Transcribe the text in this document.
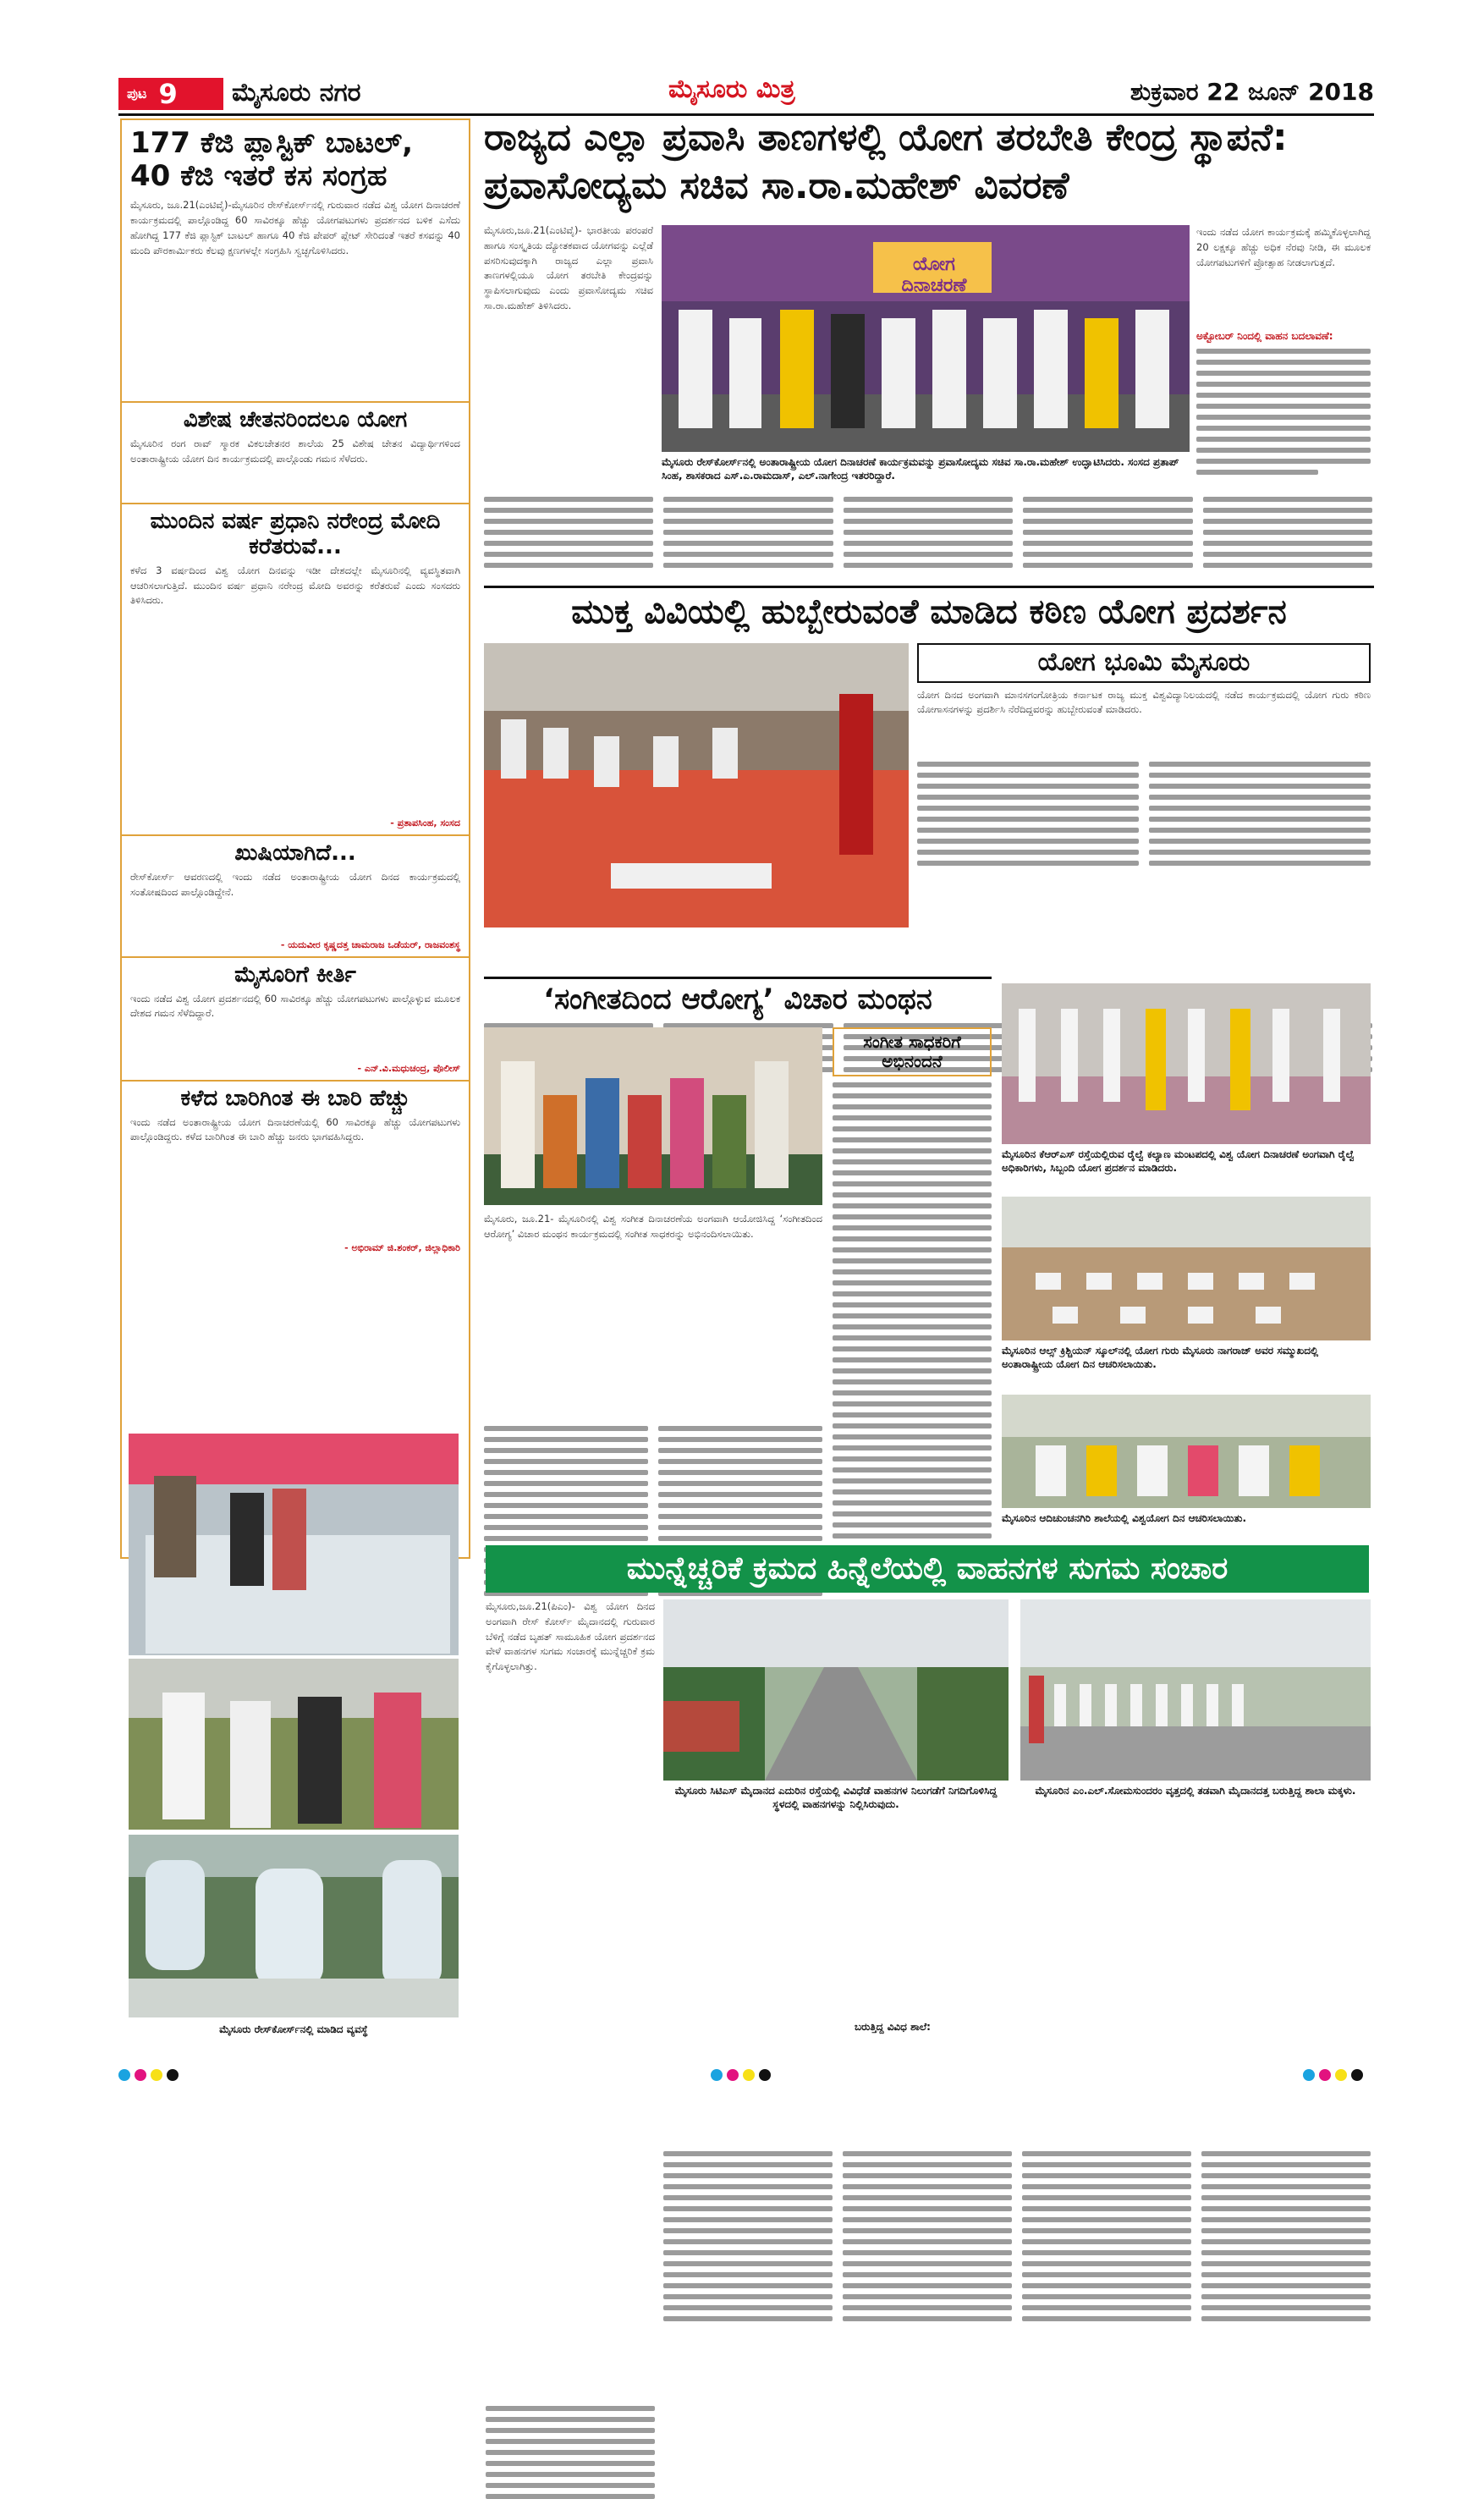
ಪುಟ 9 ಮೈಸೂರು ನಗರ	ಮೈಸೂರು ಮಿತ್ರ	ಶುಕ್ರವಾರ 22 ಜೂನ್ 2018
177 ಕೆಜಿ ಪ್ಲಾಸ್ಟಿಕ್ ಬಾಟಲ್, 40 ಕೆಜಿ ಇತರೆ ಕಸ ಸಂಗ್ರಹ
ಮೈಸೂರು, ಜೂ.21(ಎಂಟಿವೈ)-ಮೈಸೂರಿನ ರೇಸ್‌ಕೋರ್ಸ್‌ನಲ್ಲಿ ಗುರುವಾರ ನಡೆದ ವಿಶ್ವ ಯೋಗ ದಿನಾಚರಣೆ ಕಾರ್ಯಕ್ರಮದಲ್ಲಿ ಪಾಲ್ಗೊಂಡಿದ್ದ 60 ಸಾವಿರಕ್ಕೂ ಹೆಚ್ಚು ಯೋಗಪಟುಗಳು ಪ್ರದರ್ಶನದ ಬಳಿಕ ಎಸೆದು ಹೋಗಿದ್ದ 177 ಕೆಜಿ ಪ್ಲಾಸ್ಟಿಕ್ ಬಾಟಲ್ ಹಾಗೂ 40 ಕೆಜಿ ಪೇಪರ್ ಪ್ಲೇಟ್ ಸೇರಿದಂತೆ ಇತರೆ ಕಸವನ್ನು 40 ಮಂದಿ ಪೌರಕಾರ್ಮಿಕರು ಕೆಲವು ಕ್ಷಣಗಳಲ್ಲೇ ಸಂಗ್ರಹಿಸಿ ಸ್ವಚ್ಛಗೊಳಿಸಿದರು.
ವಿಶೇಷ ಚೇತನರಿಂದಲೂ ಯೋಗ
ಮೈಸೂರಿನ ರಂಗ ರಾವ್ ಸ್ಮಾರಕ ವಿಕಲಚೇತನರ ಶಾಲೆಯ 25 ವಿಶೇಷ ಚೇತನ ವಿದ್ಯಾರ್ಥಿಗಳಿಂದ ಅಂತಾರಾಷ್ಟ್ರೀಯ ಯೋಗ ದಿನ ಕಾರ್ಯಕ್ರಮದಲ್ಲಿ ಪಾಲ್ಗೊಂಡು ಗಮನ ಸೆಳೆದರು.
ಮುಂದಿನ ವರ್ಷ ಪ್ರಧಾನಿ ನರೇಂದ್ರ ಮೋದಿ ಕರೆತರುವೆ...
ಕಳೆದ 3 ವರ್ಷದಿಂದ ವಿಶ್ವ ಯೋಗ ದಿನವನ್ನು ಇಡೀ ದೇಶದಲ್ಲೇ ಮೈಸೂರಿನಲ್ಲಿ ವ್ಯವಸ್ಥಿತವಾಗಿ ಆಚರಿಸಲಾಗುತ್ತಿದೆ. ಮುಂದಿನ ವರ್ಷ ಪ್ರಧಾನಿ ನರೇಂದ್ರ ಮೋದಿ ಅವರನ್ನು ಕರೆತರುವೆ ಎಂದು ಸಂಸದರು ತಿಳಿಸಿದರು.
- ಪ್ರತಾಪಸಿಂಹ, ಸಂಸದ
ಖುಷಿಯಾಗಿದೆ...
ರೇಸ್‌ಕೋರ್ಸ್ ಆವರಣದಲ್ಲಿ ಇಂದು ನಡೆದ ಅಂತಾರಾಷ್ಟ್ರೀಯ ಯೋಗ ದಿನದ ಕಾರ್ಯಕ್ರಮದಲ್ಲಿ ಸಂತೋಷದಿಂದ ಪಾಲ್ಗೊಂಡಿದ್ದೇನೆ.
- ಯದುವೀರ ಕೃಷ್ಣದತ್ತ ಚಾಮರಾಜ ಒಡೆಯರ್, ರಾಜವಂಶಸ್ಥ
ಮೈಸೂರಿಗೆ ಕೀರ್ತಿ
ಇಂದು ನಡೆದ ವಿಶ್ವ ಯೋಗ ಪ್ರದರ್ಶನದಲ್ಲಿ 60 ಸಾವಿರಕ್ಕೂ ಹೆಚ್ಚು ಯೋಗಪಟುಗಳು ಪಾಲ್ಗೊಳ್ಳುವ ಮೂಲಕ ದೇಶದ ಗಮನ ಸೆಳೆದಿದ್ದಾರೆ.
- ಎನ್.ವಿ.ಮಧುಚಂದ್ರ, ಪೊಲೀಸ್
ಕಳೆದ ಬಾರಿಗಿಂತ ಈ ಬಾರಿ ಹೆಚ್ಚು
ಇಂದು ನಡೆದ ಅಂತಾರಾಷ್ಟ್ರೀಯ ಯೋಗ ದಿನಾಚರಣೆಯಲ್ಲಿ 60 ಸಾವಿರಕ್ಕೂ ಹೆಚ್ಚು ಯೋಗಪಟುಗಳು ಪಾಲ್ಗೊಂಡಿದ್ದರು. ಕಳೆದ ಬಾರಿಗಿಂತ ಈ ಬಾರಿ ಹೆಚ್ಚು ಜನರು ಭಾಗವಹಿಸಿದ್ದರು.
- ಅಭಿರಾಮ್ ಜಿ.ಶಂಕರ್, ಜಿಲ್ಲಾಧಿಕಾರಿ
ಮೈಸೂರು ರೇಸ್‌ಕೋರ್ಸ್‌ನಲ್ಲಿ ಮಾಡಿದ ವ್ಯವಸ್ಥೆ
ರಾಜ್ಯದ ಎಲ್ಲಾ ಪ್ರವಾಸಿ ತಾಣಗಳಲ್ಲಿ ಯೋಗ ತರಬೇತಿ ಕೇಂದ್ರ ಸ್ಥಾಪನೆ: ಪ್ರವಾಸೋದ್ಯಮ ಸಚಿವ ಸಾ.ರಾ.ಮಹೇಶ್ ವಿವರಣೆ
ಮೈಸೂರು,ಜೂ.21(ಎಂಟಿವೈ)- ಭಾರತೀಯ ಪರಂಪರೆ ಹಾಗೂ ಸಂಸ್ಕೃತಿಯ ದ್ಯೋತಕವಾದ ಯೋಗವನ್ನು ಎಲ್ಲೆಡೆ ಪಸರಿಸುವುದಕ್ಕಾಗಿ ರಾಜ್ಯದ ಎಲ್ಲಾ ಪ್ರವಾಸಿ ತಾಣಗಳಲ್ಲಿಯೂ ಯೋಗ ತರಬೇತಿ ಕೇಂದ್ರವನ್ನು ಸ್ಥಾಪಿಸಲಾಗುವುದು ಎಂದು ಪ್ರವಾಸೋದ್ಯಮ ಸಚಿವ ಸಾ.ರಾ.ಮಹೇಶ್ ತಿಳಿಸಿದರು.
ಯೋಗ ದಿನಾಚರಣೆ
ಮೈಸೂರು ರೇಸ್‌ಕೋರ್ಸ್‌ನಲ್ಲಿ ಅಂತಾರಾಷ್ಟ್ರೀಯ ಯೋಗ ದಿನಾಚರಣೆ ಕಾರ್ಯಕ್ರಮವನ್ನು ಪ್ರವಾಸೋದ್ಯಮ ಸಚಿವ ಸಾ.ರಾ.ಮಹೇಶ್ ಉದ್ಘಾಟಿಸಿದರು. ಸಂಸದ ಪ್ರತಾಪ್ ಸಿಂಹ, ಶಾಸಕರಾದ ಎಸ್.ಎ.ರಾಮದಾಸ್, ಎಲ್.ನಾಗೇಂದ್ರ ಇತರರಿದ್ದಾರೆ.
ಇಂದು ನಡೆದ ಯೋಗ ಕಾರ್ಯಕ್ರಮಕ್ಕೆ ಹಮ್ಮಿಕೊಳ್ಳಲಾಗಿದ್ದ 20 ಲಕ್ಷಕ್ಕೂ ಹೆಚ್ಚು ಅಧಿಕ ನೆರವು ನೀಡಿ, ಈ ಮೂಲಕ ಯೋಗಪಟುಗಳಿಗೆ ಪ್ರೋತ್ಸಾಹ ನೀಡಲಾಗುತ್ತದೆ.
ಅಕ್ಟೋಬರ್ ನಿಂದಲ್ಲಿ ವಾಹನ ಬದಲಾವಣೆ:
ಮುಕ್ತ ವಿವಿಯಲ್ಲಿ ಹುಬ್ಬೇರುವಂತೆ ಮಾಡಿದ ಕಠಿಣ ಯೋಗ ಪ್ರದರ್ಶನ
ಯೋಗ ಭೂಮಿ ಮೈಸೂರು
ಯೋಗ ದಿನದ ಅಂಗವಾಗಿ ಮಾನಸಗಂಗೋತ್ರಿಯ ಕರ್ನಾಟಕ ರಾಜ್ಯ ಮುಕ್ತ ವಿಶ್ವವಿದ್ಯಾನಿಲಯದಲ್ಲಿ ನಡೆದ ಕಾರ್ಯಕ್ರಮದಲ್ಲಿ ಯೋಗ ಗುರು ಕಠಿಣ ಯೋಗಾಸನಗಳನ್ನು ಪ್ರದರ್ಶಿಸಿ ನೆರೆದಿದ್ದವರನ್ನು ಹುಬ್ಬೇರುವಂತೆ ಮಾಡಿದರು.
‘ಸಂಗೀತದಿಂದ ಆರೋಗ್ಯ’ ವಿಚಾರ ಮಂಥನ
ಸಂಗೀತ ಸಾಧಕರಿಗೆ ಅಭಿನಂದನೆ
ಮೈಸೂರು, ಜೂ.21- ಮೈಸೂರಿನಲ್ಲಿ ವಿಶ್ವ ಸಂಗೀತ ದಿನಾಚರಣೆಯ ಅಂಗವಾಗಿ ಆಯೋಜಿಸಿದ್ದ ‘ಸಂಗೀತದಿಂದ ಆರೋಗ್ಯ’ ವಿಚಾರ ಮಂಥನ ಕಾರ್ಯಕ್ರಮದಲ್ಲಿ ಸಂಗೀತ ಸಾಧಕರನ್ನು ಅಭಿನಂದಿಸಲಾಯಿತು.
ಮೈಸೂರಿನ ಕೆಆರ್‌ಎಸ್ ರಸ್ತೆಯಲ್ಲಿರುವ ರೈಲ್ವೆ ಕಲ್ಯಾಣ ಮಂಟಪದಲ್ಲಿ ವಿಶ್ವ ಯೋಗ ದಿನಾಚರಣೆ ಅಂಗವಾಗಿ ರೈಲ್ವೆ ಅಧಿಕಾರಿಗಳು, ಸಿಬ್ಬಂದಿ ಯೋಗ ಪ್ರದರ್ಶನ ಮಾಡಿದರು.
ಮೈಸೂರಿನ ಆಲ್ಸ್ ಕ್ರಿಶ್ಚಿಯನ್ ಸ್ಕೂಲ್‌ನಲ್ಲಿ ಯೋಗ ಗುರು ಮೈಸೂರು ನಾಗರಾಜ್ ಅವರ ಸಮ್ಮುಖದಲ್ಲಿ ಅಂತಾರಾಷ್ಟ್ರೀಯ ಯೋಗ ದಿನ ಆಚರಿಸಲಾಯಿತು.
ಮೈಸೂರಿನ ಆದಿಚುಂಚನಗಿರಿ ಶಾಲೆಯಲ್ಲಿ ವಿಶ್ವಯೋಗ ದಿನ ಆಚರಿಸಲಾಯಿತು.
ಮುನ್ನೆಚ್ಚರಿಕೆ ಕ್ರಮದ ಹಿನ್ನೆಲೆಯಲ್ಲಿ ವಾಹನಗಳ ಸುಗಮ ಸಂಚಾರ
ಮೈಸೂರು,ಜೂ.21(ಪಿಎಂ)- ವಿಶ್ವ ಯೋಗ ದಿನದ ಅಂಗವಾಗಿ ರೇಸ್ ಕೋರ್ಸ್ ಮೈದಾನದಲ್ಲಿ ಗುರುವಾರ ಬೆಳಿಗ್ಗೆ ನಡೆದ ಬೃಹತ್ ಸಾಮೂಹಿಕ ಯೋಗ ಪ್ರದರ್ಶನದ ವೇಳೆ ವಾಹನಗಳ ಸುಗಮ ಸಂಚಾರಕ್ಕೆ ಮುನ್ನೆಚ್ಚರಿಕೆ ಕ್ರಮ ಕೈಗೊಳ್ಳಲಾಗಿತ್ತು.
ಮೈಸೂರು ಸಿಟಿಎಸ್ ಮೈದಾನದ ಎದುರಿನ ರಸ್ತೆಯಲ್ಲಿ ವಿವಿಧೆಡೆ ವಾಹನಗಳ ನಿಲುಗಡೆಗೆ ನಿಗದಿಗೊಳಿಸಿದ್ದ ಸ್ಥಳದಲ್ಲಿ ವಾಹನಗಳನ್ನು ನಿಲ್ಲಿಸಿರುವುದು.
ಮೈಸೂರಿನ ಎಂ.ಎಲ್.ಸೋಮಸುಂದರಂ ವೃತ್ತದಲ್ಲಿ ತಡವಾಗಿ ಮೈದಾನದತ್ತ ಬರುತ್ತಿದ್ದ ಶಾಲಾ ಮಕ್ಕಳು.
ಬರುತ್ತಿದ್ದ ವಿವಿಧ ಶಾಲೆ:
